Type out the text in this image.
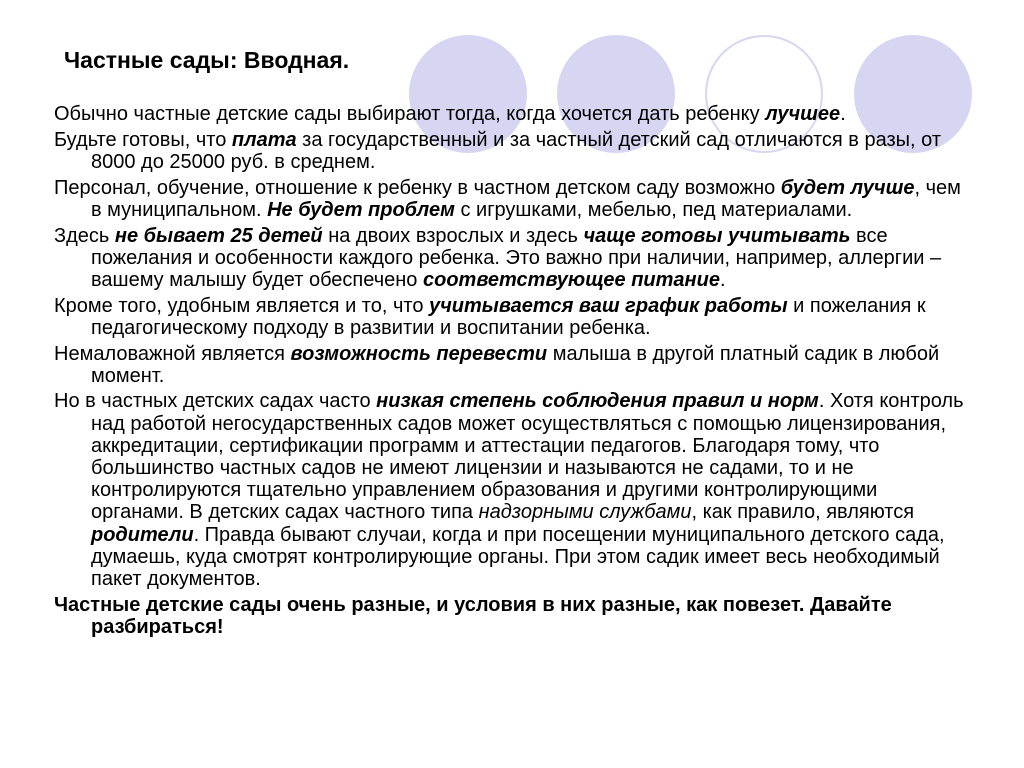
Частные сады: Вводная.

Обычно частные детские сады выбирают тогда, когда хочется дать ребенку лучшее.

Будьте готовы, что плата за государственный и за частный детский сад отличаются в разы, от 8000 до 25000 руб. в среднем.

Персонал, обучение, отношение к ребенку в частном детском саду возможно будет лучше, чем в муниципальном. Не будет проблем с игрушками, мебелью, пед материалами.

Здесь не бывает 25 детей на двоих взрослых и здесь чаще готовы учитывать все пожелания и особенности каждого ребенка. Это важно при наличии, например, аллергии – вашему малышу будет обеспечено соответствующее питание.

Кроме того, удобным является и то, что учитывается ваш график работы и пожелания к педагогическому подходу в развитии и воспитании ребенка.

Немаловажной является возможность перевести малыша в другой платный садик в любой момент.

Но в частных детских садах часто низкая степень соблюдения правил и норм. Хотя контроль над работой негосударственных садов может осуществляться с помощью лицензирования, аккредитации, сертификации программ и аттестации педагогов. Благодаря тому, что большинство частных садов не имеют лицензии и называются не садами, то и не контролируются тщательно управлением образования и другими контролирующими органами. В детских садах частного типа надзорными службами, как правило, являются родители. Правда бывают случаи, когда и при посещении муниципального детского сада, думаешь, куда смотрят контролирующие органы. При этом садик имеет весь необходимый пакет документов.

Частные детские сады очень разные, и условия в них разные, как повезет. Давайте разбираться!
